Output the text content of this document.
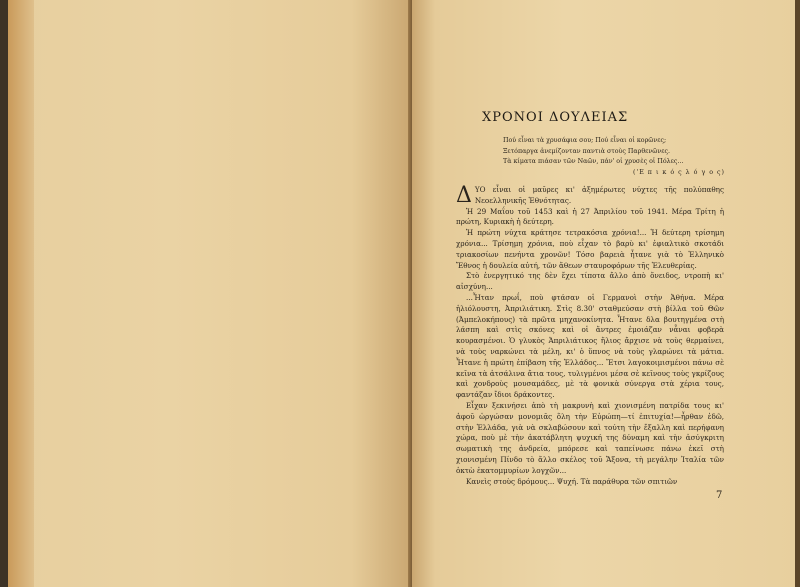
ΧΡΟΝΟΙ ΔΟΥΛΕΙΑΣ
Πού εἶναι τὰ χρυσάφια σου; Πού εἶναι οἱ κορῶνες;
Ξετόπαργα ἀνεμίζονταν παντιὰ στοὺς Παρθενῶνες.
Τὰ κίματα πιάσαν τῶν Ναῶν, πάν' οἱ χρυσὲς οἱ Πόλες...
('Ε π ι κ ό ς λ ό γ ο ς)

ΔΥΟ εἶναι οἱ μαῦρες κι' ἀξημέρωτες νύχτες τῆς πολύπαθης Νεοελληνικῆς Ἑθνότητας.

Ἡ 29 Μαΐου τοῦ 1453 καὶ ἡ 27 Ἀπριλίου τοῦ 1941. Μέρα Τρίτη ἡ πρώτη, Κυριακὴ ἡ δεύτερη.

Ἡ πρώτη νύχτα κράτησε τετρακόσια χρόνια!... Ἡ δεύτερη τρίσημη χρόνια... Τρίσημη χρόνια, ποὺ εἶχαν τὸ βαρὺ κι' ἐφιαλτικὸ σκοτάδι τριακοσίων πενήντα χρονῶν! Τόσο βαρειὰ ἦτανε γιὰ τὸ Ἑλληνικὸ Ἔθνος ἡ δουλεία αὐτή, τῶν ἄθεων σταυροφόρων τῆς Ἐλευθερίας.

Στὸ ἐνεργητικό της δὲν ἔχει τίποτα ἄλλο ἀπὸ ὄνειδος, ντροπὴ κι' αἰσχύνη...

...Ἦταν πρωΐ, ποὺ φτάσαν οἱ Γερμανοὶ στὴν Ἀθήνα. Μέρα ἡλιόλουστη, Ἀπριλιάτικη. Στὶς 8.30' σταθμεύσαν στὴ βίλλα τοῦ Θῶν (Ἀμπελοκήπους) τὰ πρῶτα μηχανοκίνητα. Ἦτανε δλα βουτηγμένα στὴ λάσπη καὶ στὶς σκόνες καὶ οἱ ἄντρες ἐμοιάζαν νἆναι φοβερὰ κουρασμένοι. Ὁ γλυκὸς Ἀπριλιάτικος ἥλιος ἄρχισε νὰ τοὺς θερμαίνει, νὰ τοὺς ναρκώνει τὰ μέλη, κι' ὁ ὕπνος νὰ τοὺς γλαρώνει τὰ μάτια. Ἦτανε ἡ πρώτη ἐπίβαση τῆς Ἑλλάδος... Ἔτσι λαγοκοιμισμένοι πάνω σὲ κεῖνα τὰ ἀτσάλινα ἄτια τους, τυλιγμένοι μέσα σὲ κεῖνους τοὺς γκρίζους καὶ χονδροὺς μουσαμάδες, μὲ τὰ φονικὰ σύνεργα στὰ χέρια τους, φαντάζαν ἴδιοι δράκοντες.

Εἶχαν ξεκινήσει ἀπὸ τὴ μακρυνὴ καὶ χιονισμένη πατρίδα τους κι' ἀφοῦ ὡργώσαν μονομιᾶς ὅλη τὴν Εὐρώπη—τί ἐπιτυχία!—ἦρθαν ἐδῶ, στὴν Ἑλλάδα, γιὰ νὰ σκλαβώσουν καὶ τούτη τὴν ἔξαλλη καὶ περήφανη χώρα, ποὺ μὲ τὴν ἀκατάβλητη ψυχική της δύναμη καὶ τὴν ἀσύγκριτη σωματικὴ της ἀνδρεία, μπόρεσε καὶ ταπείνωσε πάνω ἐκεῖ στὴ χιονισμένη Πίνδο τὸ ἄλλο σκέλος τοῦ Ἄξονα, τὴ μεγάλην Ἰταλία τῶν ὀκτὼ ἑκατομμυρίων λογχῶν...

Κανεὶς στοὺς δρόμους... Ψυχή. Τὰ παράθυρα τῶν σπιτιῶν

7
